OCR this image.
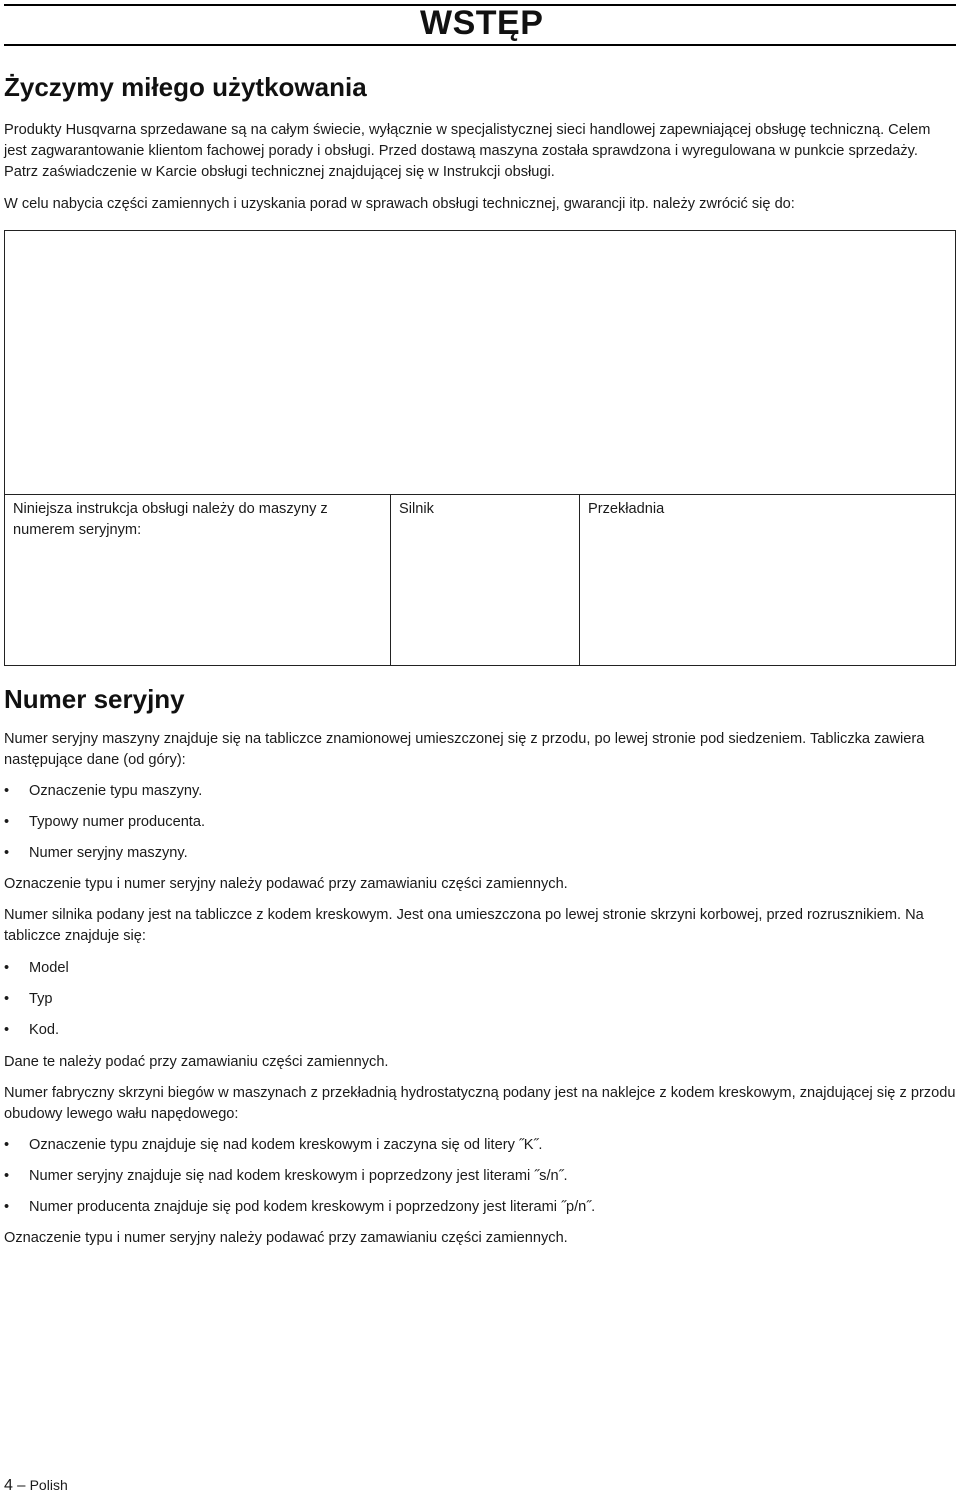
WSTĘP
Życzymy miłego użytkowania

Produkty Husqvarna sprzedawane są na całym świecie, wyłącznie w specjalistycznej sieci handlowej zapewniającej obsługę techniczną. Celem jest zagwarantowanie klientom fachowej porady i obsługi. Przed dostawą maszyna została sprawdzona i wyregulowana w punkcie sprzedaży. Patrz zaświadczenie w Karcie obsługi technicznej znajdującej się w Instrukcji obsługi.

W celu nabycia części zamiennych i uzyskania porad w sprawach obsługi technicznej, gwarancji itp. należy zwrócić się do:

Niniejsza instrukcja obsługi należy do maszyny z numerem seryjnym:
Silnik	Przekładnia
Numer seryjny

Numer seryjny maszyny znajduje się na tabliczce znamionowej umieszczonej się z przodu, po lewej stronie pod siedzeniem. Tabliczka zawiera następujące dane (od góry):

• Oznaczenie typu maszyny.
• Typowy numer producenta.
• Numer seryjny maszyny.

Oznaczenie typu i numer seryjny należy podawać przy zamawianiu części zamiennych.

Numer silnika podany jest na tabliczce z kodem kreskowym. Jest ona umieszczona po lewej stronie skrzyni korbowej, przed rozrusznikiem. Na tabliczce znajduje się:

• Model
• Typ
• Kod.

Dane te należy podać przy zamawianiu części zamiennych.

Numer fabryczny skrzyni biegów w maszynach z przekładnią hydrostatyczną podany jest na naklejce z kodem kreskowym, znajdującej się z przodu obudowy lewego wału napędowego:

• Oznaczenie typu znajduje się nad kodem kreskowym i zaczyna się od litery ˝K˝.
• Numer seryjny znajduje się nad kodem kreskowym i poprzedzony jest literami ˝s/n˝.
• Numer producenta znajduje się pod kodem kreskowym i poprzedzony jest literami ˝p/n˝.

Oznaczenie typu i numer seryjny należy podawać przy zamawianiu części zamiennych.

4 – Polish
